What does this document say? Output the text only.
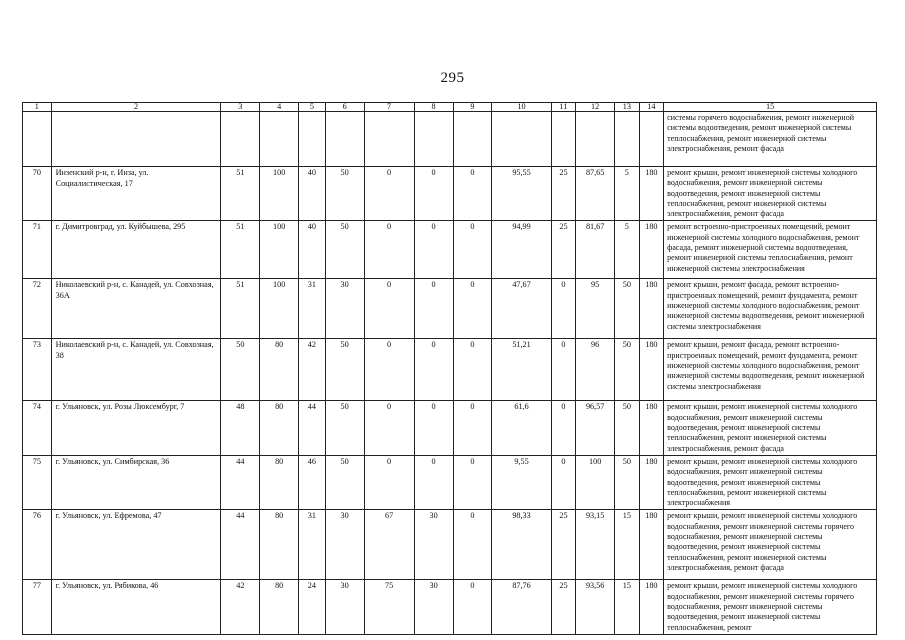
295
1	2	3	4	5	6	7	8	9	10	11	12	13	14	15
														системы горячего водоснабжения, ремонт инженерной системы водоотведения, ремонт инженерной системы теплоснабжения, ремонт инженерной системы электроснабжения, ремонт фасада
70	Инзенский р-н, г. Инза, ул. Социалистическая, 17	51	100	40	50	0	0	0	95,55	25	87,65	5	180	ремонт крыши, ремонт инженерной системы холодного водоснабжения, ремонт инженерной системы водоотведения, ремонт инженерной системы теплоснабжения, ремонт инженерной системы электроснабжения, ремонт фасада
71	г. Димитровград, ул. Куйбышева, 295	51	100	40	50	0	0	0	94,99	25	81,67	5	180	ремонт встроенно-пристроенных помещений, ремонт инженерной системы холодного водоснабжения, ремонт фасада, ремонт инженерной системы водоотведения, ремонт инженерной системы теплоснабжения, ремонт инженерной системы электроснабжения
72	Николаевский р-н, с. Канадей, ул. Совхозная, 36А	51	100	31	30	0	0	0	47,67	0	95	50	180	ремонт крыши, ремонт фасада, ремонт встроенно-пристроенных помещений, ремонт фундамента, ремонт инженерной системы холодного водоснабжения, ремонт инженерной системы водоотведения, ремонт инженерной системы электроснабжения
73	Николаевский р-н, с. Канадей, ул. Совхозная, 38	50	80	42	50	0	0	0	51,21	0	96	50	180	ремонт крыши, ремонт фасада, ремонт встроенно-пристроенных помещений, ремонт фундамента, ремонт инженерной системы холодного водоснабжения, ремонт инженерной системы водоотведения, ремонт инженерной системы электроснабжения
74	г. Ульяновск, ул. Розы Люксембург, 7	48	80	44	50	0	0	0	61,6	0	96,57	50	180	ремонт крыши, ремонт инженерной системы холодного водоснабжения, ремонт инженерной системы водоотведения, ремонт инженерной системы теплоснабжения, ремонт инженерной системы электроснабжения, ремонт фасада
75	г. Ульяновск, ул. Симбирская, 36	44	80	46	50	0	0	0	9,55	0	100	50	180	ремонт крыши, ремонт инженерной системы холодного водоснабжения, ремонт инженерной системы водоотведения, ремонт инженерной системы теплоснабжения, ремонт инженерной системы электроснабжения
76	г. Ульяновск, ул. Ефремова, 47	44	80	31	30	67	30	0	98,33	25	93,15	15	180	ремонт крыши, ремонт инженерной системы холодного водоснабжения, ремонт инженерной системы горячего водоснабжения, ремонт инженерной системы водоотведения, ремонт инженерной системы теплоснабжения, ремонт инженерной системы электроснабжения, ремонт фасада
77	г. Ульяновск, ул. Рябикова, 46	42	80	24	30	75	30	0	87,76	25	93,56	15	180	ремонт крыши, ремонт инженерной системы холодного водоснабжения, ремонт инженерной системы горячего водоснабжения, ремонт инженерной системы водоотведения, ремонт инженерной системы теплоснабжения, ремонт
